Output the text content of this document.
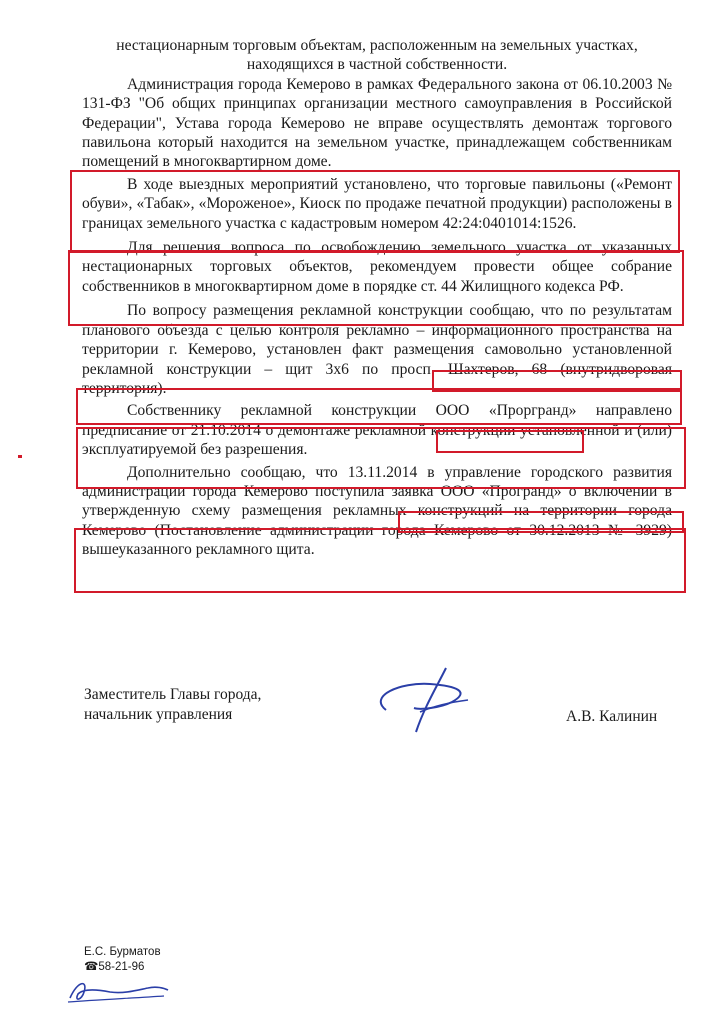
нестационарным торговым объектам, расположенным на земельных участках, находящихся в частной собственности.

Администрация города Кемерово в рамках Федерального закона от 06.10.2003 № 131-ФЗ "Об общих принципах организации местного самоуправления в Российской Федерации", Устава города Кемерово не вправе осуществлять демонтаж торгового павильона который находится на земельном участке, принадлежащем собственникам помещений в многоквартирном доме.

В ходе выездных мероприятий установлено, что торговые павильоны («Ремонт обуви», «Табак», «Мороженое», Киоск по продаже печатной продукции) расположены в границах земельного участка с кадастровым номером 42:24:0401014:1526.

Для решения вопроса по освобождению земельного участка от указанных нестационарных торговых объектов, рекомендуем провести общее собрание собственников в многоквартирном доме в порядке ст. 44 Жилищного кодекса РФ.

По вопросу размещения рекламной конструкции сообщаю, что по результатам планового объезда с целью контроля рекламно – информационного пространства на территории г. Кемерово, установлен факт размещения самовольно установленной рекламной конструкции – щит 3х6 по просп. Шахтеров, 68 (внутридворовая территория).

Собственнику рекламной конструкции ООО «Проргранд» направлено предписание от 21.10.2014 о демонтаже рекламной конструкции установленной и (или) эксплуатируемой без разрешения.

Дополнительно сообщаю, что 13.11.2014 в управление городского развития администрации города Кемерово поступила заявка ООО «Програнд» о включении в утвержденную схему размещения рекламных конструкций на территории города Кемерово (Постановление администрации города Кемерово от 30.12.2013 № 3929) вышеуказанного рекламного щита.

Заместитель Главы города,
начальник управления	А.В. Калинин
Е.С. Бурматов
☎58-21-96
